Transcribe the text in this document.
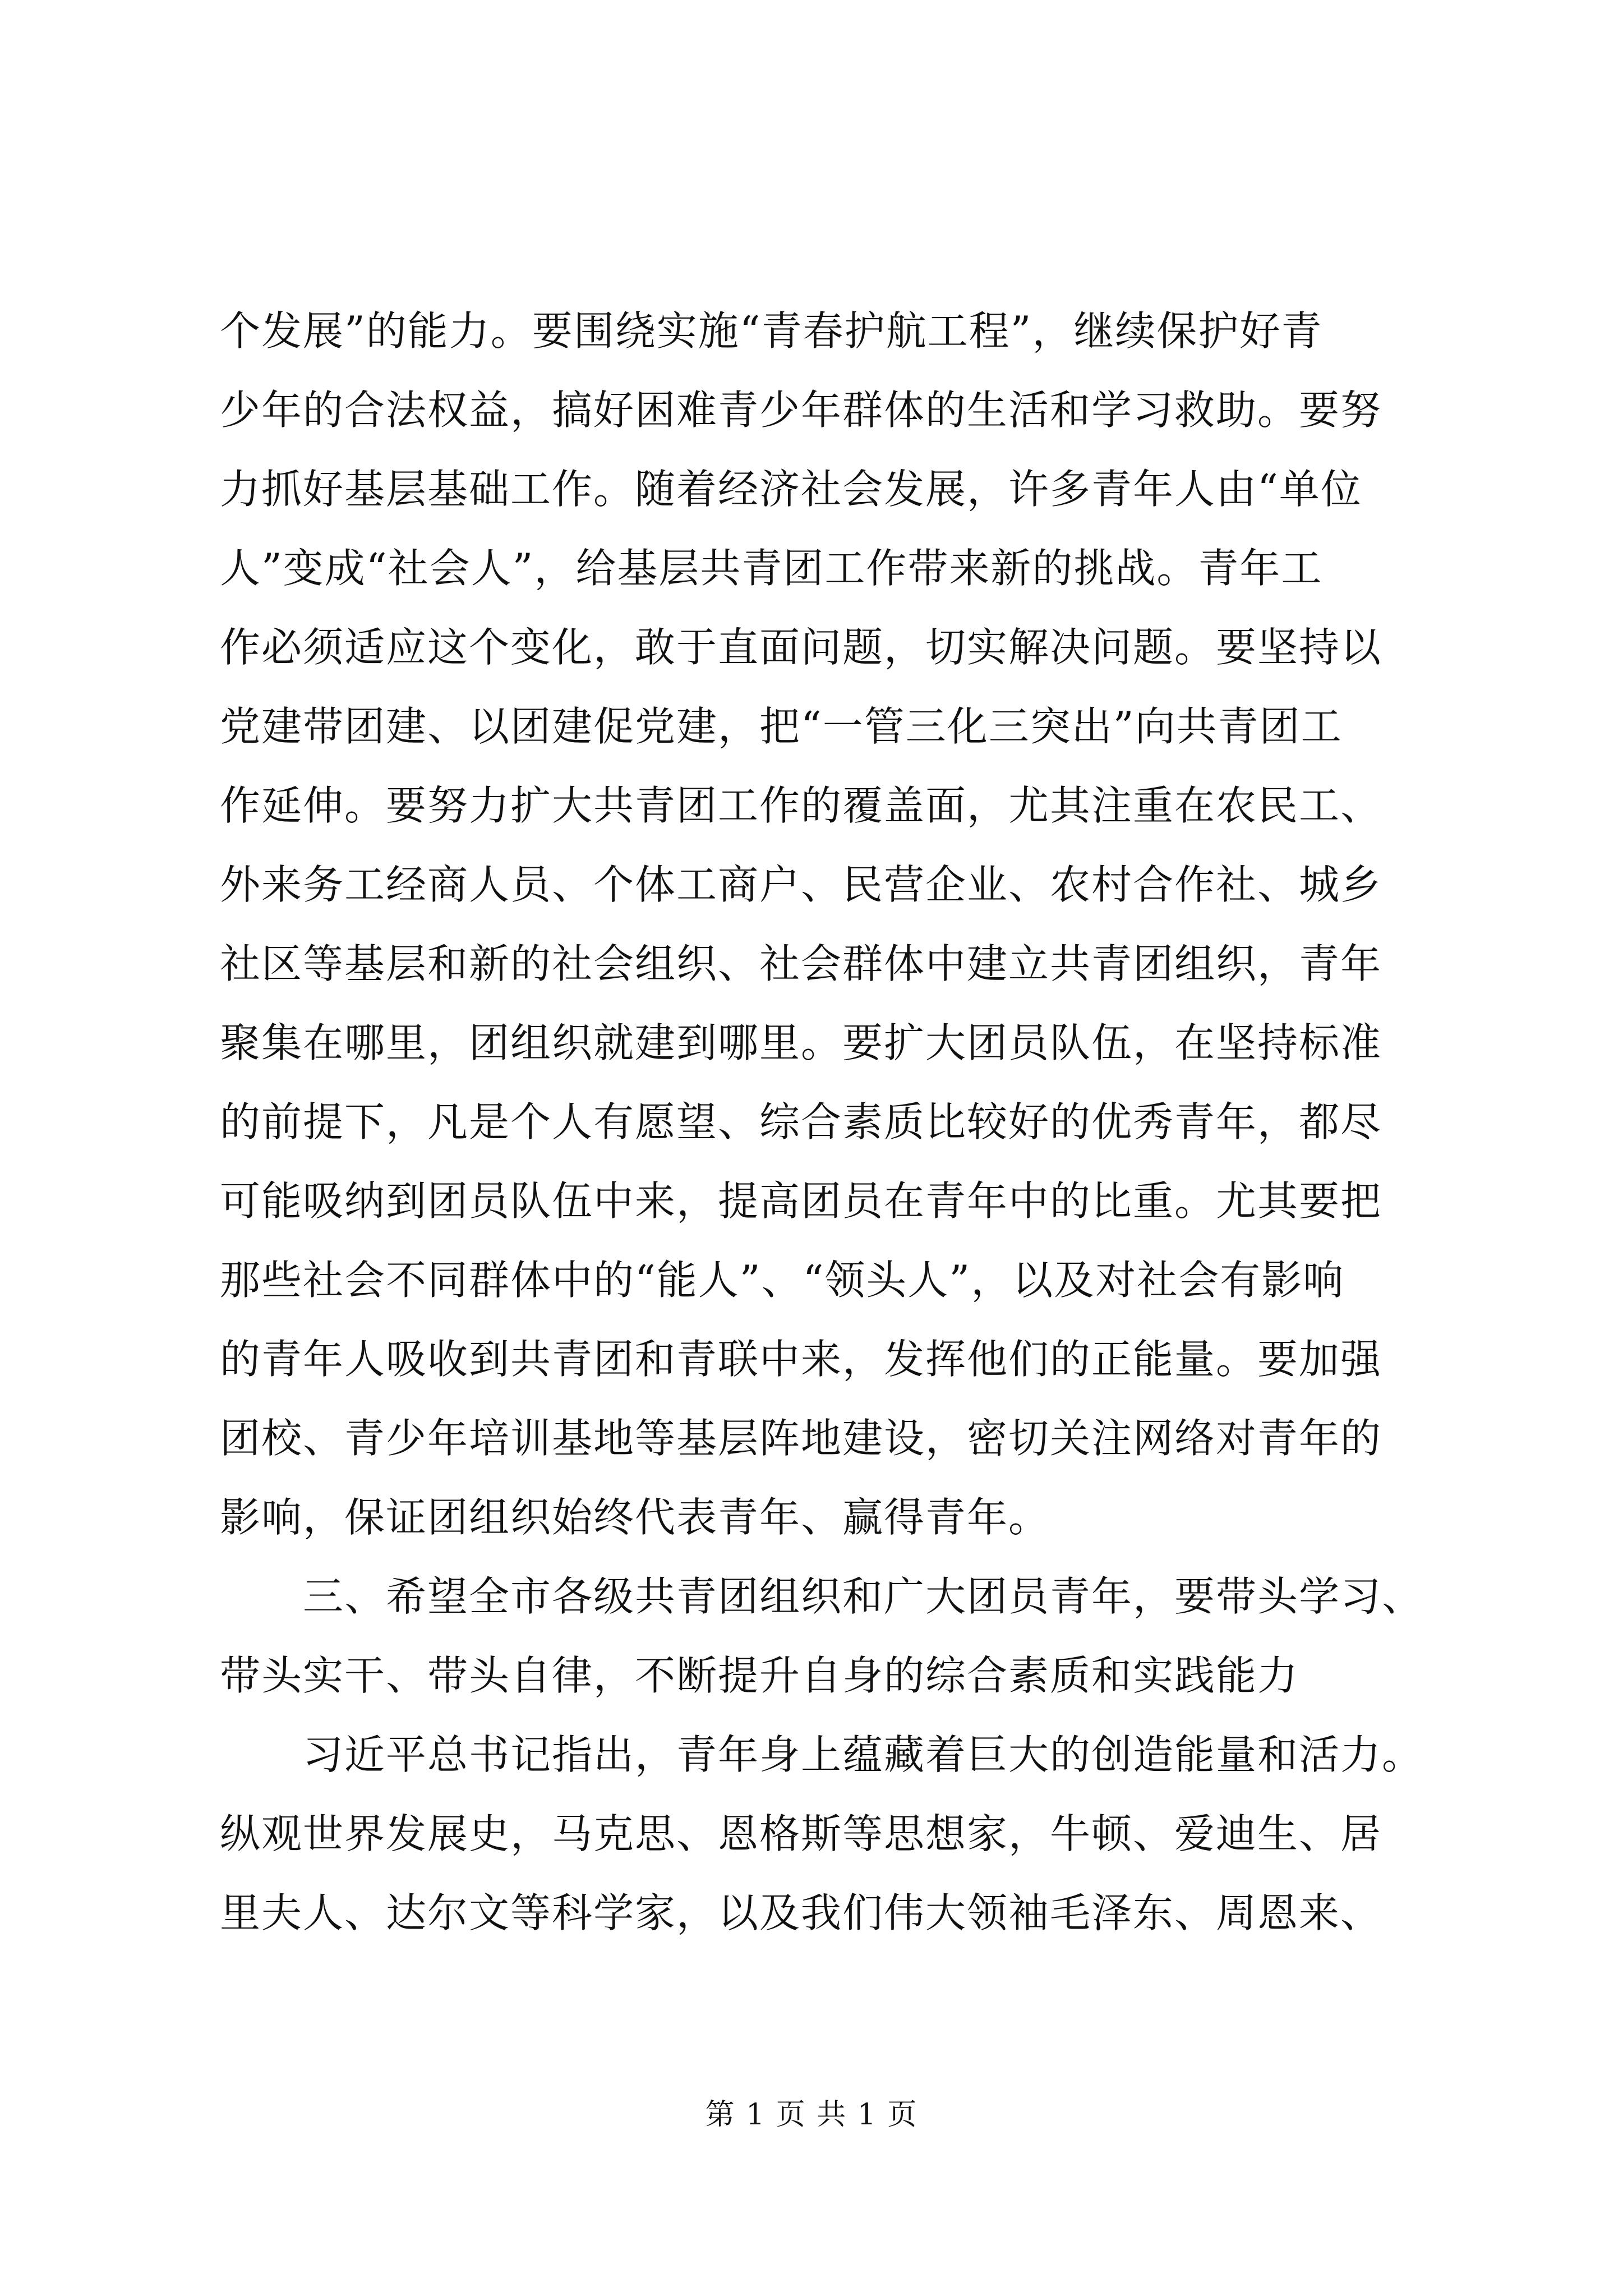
个发展”的能力。要围绕实施“青春护航工程”，继续保护好青
少年的合法权益，搞好困难青少年群体的生活和学习救助。要努
力抓好基层基础工作。随着经济社会发展，许多青年人由“单位
人”变成“社会人”，给基层共青团工作带来新的挑战。青年工
作必须适应这个变化，敢于直面问题，切实解决问题。要坚持以
党建带团建、以团建促党建，把“一管三化三突出”向共青团工
作延伸。要努力扩大共青团工作的覆盖面，尤其注重在农民工、
外来务工经商人员、个体工商户、民营企业、农村合作社、城乡
社区等基层和新的社会组织、社会群体中建立共青团组织，青年
聚集在哪里，团组织就建到哪里。要扩大团员队伍，在坚持标准
的前提下，凡是个人有愿望、综合素质比较好的优秀青年，都尽
可能吸纳到团员队伍中来，提高团员在青年中的比重。尤其要把
那些社会不同群体中的“能人”、“领头人”，以及对社会有影响
的青年人吸收到共青团和青联中来，发挥他们的正能量。要加强
团校、青少年培训基地等基层阵地建设，密切关注网络对青年的
影响，保证团组织始终代表青年、赢得青年。
　　三、希望全市各级共青团组织和广大团员青年，要带头学习、
带头实干、带头自律，不断提升自身的综合素质和实践能力
　　习近平总书记指出，青年身上蕴藏着巨大的创造能量和活力。
纵观世界发展史，马克思、恩格斯等思想家，牛顿、爱迪生、居
里夫人、达尔文等科学家，以及我们伟大领袖毛泽东、周恩来、
第 1 页 共 1 页
